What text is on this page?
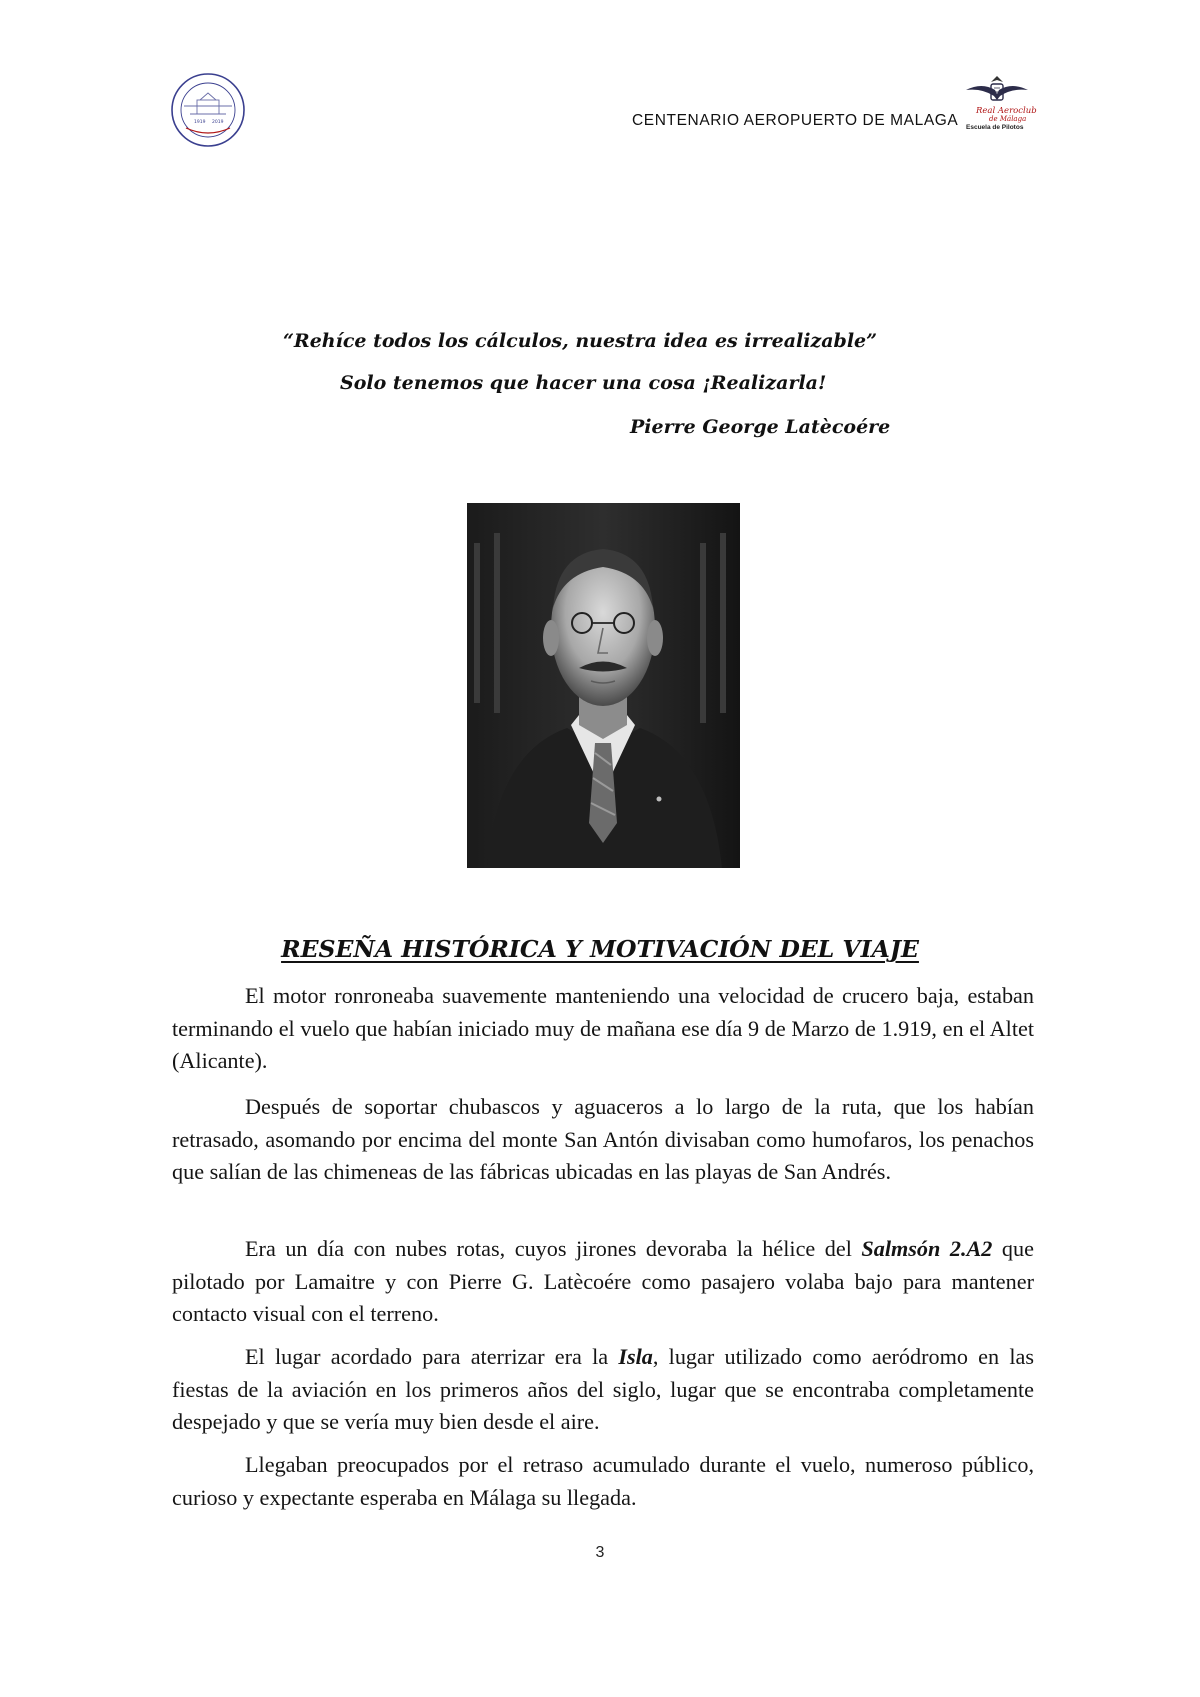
1919 2019	CENTENARIO AEROPUERTO DE MALAGA
Real Aeroclub
de Málaga
Escuela de Pilotos
“Rehíce todos los cálculos, nuestra idea es irrealizable”
Solo tenemos que hacer una cosa ¡Realizarla!
Pierre George Latècoére
RESEÑA HISTÓRICA Y MOTIVACIÓN DEL VIAJE

El motor ronroneaba suavemente manteniendo una velocidad de crucero baja, estaban terminando el vuelo que habían iniciado muy de mañana ese día 9 de Marzo de 1.919, en el Altet (Alicante).

Después de soportar chubascos y aguaceros a lo largo de la ruta, que los habían retrasado, asomando por encima del monte San Antón divisaban como humofaros, los penachos que salían de las chimeneas de las fábricas ubicadas en las playas de San Andrés.

Era un día con nubes rotas, cuyos jirones devoraba la hélice del Salmsón 2.A2 que pilotado por Lamaitre y con Pierre G. Latècoére como pasajero volaba bajo para mantener contacto visual con el terreno.

El lugar acordado para aterrizar era la Isla, lugar utilizado como aeródromo en las fiestas de la aviación en los primeros años del siglo, lugar que se encontraba completamente despejado y que se vería muy bien desde el aire.

Llegaban preocupados por el retraso acumulado durante el vuelo, numeroso público, curioso y expectante esperaba en Málaga su llegada.

3
